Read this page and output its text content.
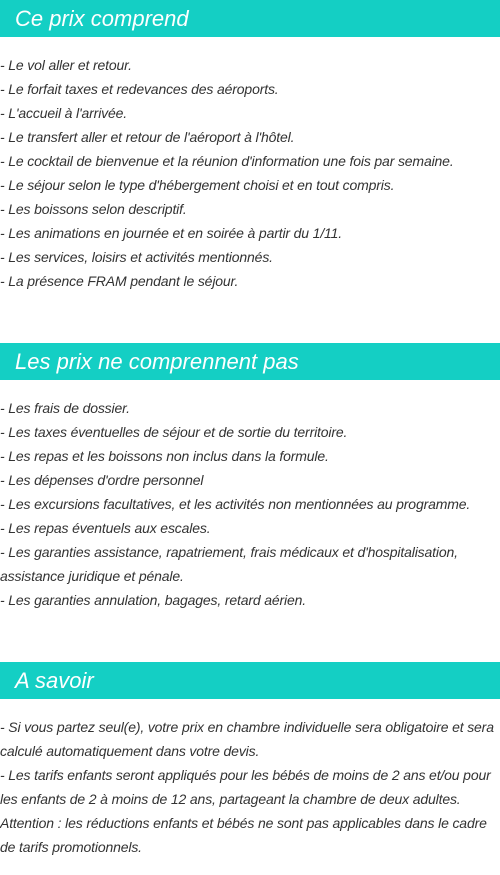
Ce prix comprend
- Le vol aller et retour.
- Le forfait taxes et redevances des aéroports.
- L'accueil à l'arrivée.
- Le transfert aller et retour de l'aéroport à l'hôtel.
- Le cocktail de bienvenue et la réunion d'information une fois par semaine.
- Le séjour selon le type d'hébergement choisi et en tout compris.
- Les boissons selon descriptif.
- Les animations en journée et en soirée à partir du 1/11.
- Les services, loisirs et activités mentionnés.
- La présence FRAM pendant le séjour.
Les prix ne comprennent pas
- Les frais de dossier.
- Les taxes éventuelles de séjour et de sortie du territoire.
- Les repas et les boissons non inclus dans la formule.
- Les dépenses d'ordre personnel
- Les excursions facultatives, et les activités non mentionnées au programme.
- Les repas éventuels aux escales.
- Les garanties assistance, rapatriement, frais médicaux et d'hospitalisation, assistance juridique et pénale.
- Les garanties annulation, bagages, retard aérien.
A savoir
- Si vous partez seul(e), votre prix en chambre individuelle sera obligatoire et sera calculé automatiquement dans votre devis.
- Les tarifs enfants seront appliqués pour les bébés de moins de 2 ans et/ou pour les enfants de 2 à moins de 12 ans, partageant la chambre de deux adultes.
Attention : les réductions enfants et bébés ne sont pas applicables dans le cadre de tarifs promotionnels.
